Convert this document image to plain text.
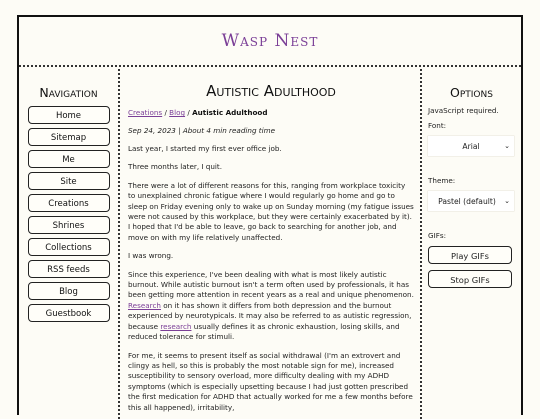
Wasp Nest
Navigation
Home
Sitemap
Me
Site
Creations
Shrines
Collections
RSS feeds
Blog
Guestbook
Autistic Adulthood
Creations / Blog / Autistic Adulthood
Sep 24, 2023 | About 4 min reading time

Last year, I started my first ever office job.

Three months later, I quit.

There were a lot of different reasons for this, ranging from workplace toxicity to unexplained chronic fatigue where I would regularly go home and go to sleep on Friday evening only to wake up on Sunday morning (my fatigue issues were not caused by this workplace, but they were certainly exacerbated by it). I hoped that I'd be able to leave, go back to searching for another job, and move on with my life relatively unaffected.

I was wrong.

Since this experience, I've been dealing with what is most likely autistic burnout. While autistic burnout isn't a term often used by professionals, it has been getting more attention in recent years as a real and unique phenomenon. Research on it has shown it differs from both depression and the burnout experienced by neurotypicals. It may also be referred to as autistic regression, because research usually defines it as chronic exhaustion, losing skills, and reduced tolerance for stimuli.

For me, it seems to present itself as social withdrawal (I'm an extrovert and clingy as hell, so this is probably the most notable sign for me), increased susceptibility to sensory overload, more difficulty dealing with my ADHD symptoms (which is especially upsetting because I had just gotten prescribed the first medication for ADHD that actually worked for me a few months before this all happened), irritability,

Options
JavaScript required.
Font:
Arial	⌄
Theme:
Pastel (default) ⌄
GIFs:
Play GIFs
Stop GIFs
